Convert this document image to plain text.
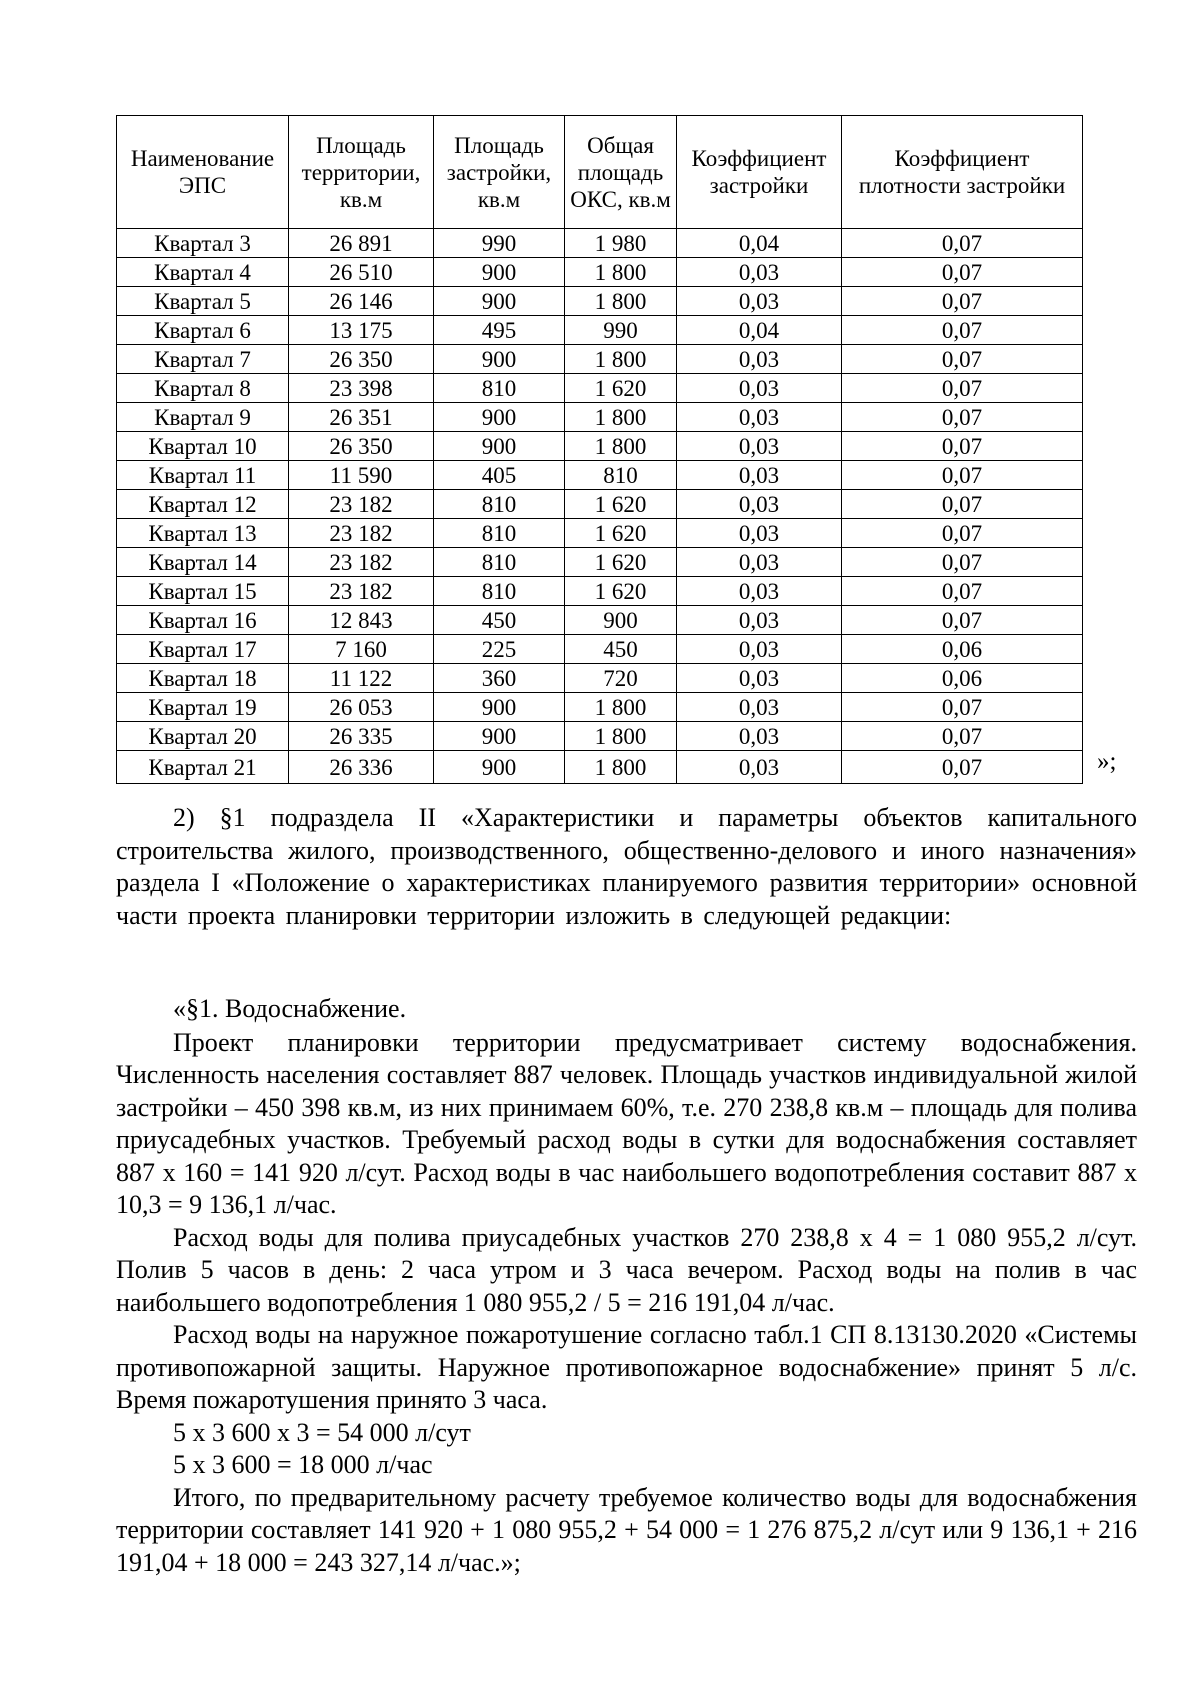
Наименование ЭПС	Площадь территории, кв.м	Площадь застройки, кв.м	Общая площадь ОКС, кв.м	Коэффициент застройки	Коэффициент плотности застройки
Квартал 3	26 891	990	1 980	0,04	0,07
Квартал 4	26 510	900	1 800	0,03	0,07
Квартал 5	26 146	900	1 800	0,03	0,07
Квартал 6	13 175	495	990	0,04	0,07
Квартал 7	26 350	900	1 800	0,03	0,07
Квартал 8	23 398	810	1 620	0,03	0,07
Квартал 9	26 351	900	1 800	0,03	0,07
Квартал 10	26 350	900	1 800	0,03	0,07
Квартал 11	11 590	405	810	0,03	0,07
Квартал 12	23 182	810	1 620	0,03	0,07
Квартал 13	23 182	810	1 620	0,03	0,07
Квартал 14	23 182	810	1 620	0,03	0,07
Квартал 15	23 182	810	1 620	0,03	0,07
Квартал 16	12 843	450	900	0,03	0,07
Квартал 17	7 160	225	450	0,03	0,06
Квартал 18	11 122	360	720	0,03	0,06
Квартал 19	26 053	900	1 800	0,03	0,07
Квартал 20	26 335	900	1 800	0,03	0,07
Квартал 21	26 336	900	1 800	0,03	0,07	»;

2) §1 подраздела II «Характеристики и параметры объектов капитального строительства жилого, производственного, общественно-делового и иного назначения» раздела I «Положение о характеристиках планируемого развития территории» основной части проекта планировки территории изложить в следующей редакции:

«§1. Водоснабжение.

Проект планировки территории предусматривает систему водоснабжения. Численность населения составляет 887 человек. Площадь участков индивидуальной жилой застройки – 450 398 кв.м, из них принимаем 60%, т.е. 270 238,8 кв.м – площадь для полива приусадебных участков. Требуемый расход воды в сутки для водоснабжения составляет 887 х 160 = 141 920 л/сут. Расход воды в час наибольшего водопотребления составит 887 х 10,3 = 9 136,1 л/час.

Расход воды для полива приусадебных участков 270 238,8 х 4 = 1 080 955,2 л/сут. Полив 5 часов в день: 2 часа утром и 3 часа вечером. Расход воды на полив в час наибольшего водопотребления 1 080 955,2 / 5 = 216 191,04 л/час.

Расход воды на наружное пожаротушение согласно табл.1 СП 8.13130.2020 «Системы противопожарной защиты. Наружное противопожарное водоснабжение» принят 5 л/с. Время пожаротушения принято 3 часа.

5 х 3 600 х 3 = 54 000 л/сут

5 х 3 600 = 18 000 л/час

Итого, по предварительному расчету требуемое количество воды для водоснабжения территории составляет 141 920 + 1 080 955,2 + 54 000 = 1 276 875,2 л/сут или 9 136,1 + 216 191,04 + 18 000 = 243 327,14 л/час.»;
